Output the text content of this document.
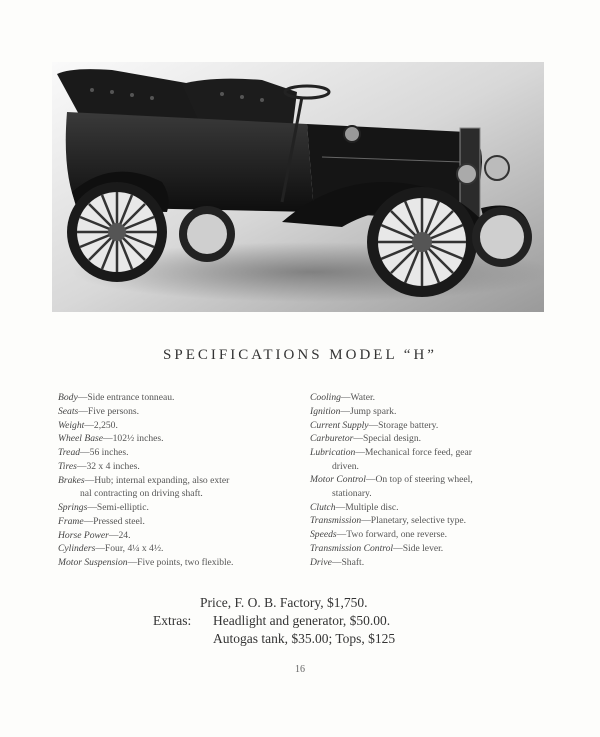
SPECIFICATIONS MODEL “H”
Body—Side entrance tonneau.
Seats—Five persons.
Weight—2,250.
Wheel Base—102½ inches.
Tread—56 inches.
Tires—32 x 4 inches.
Brakes—Hub; internal expanding, also exter
nal contracting on driving shaft.
Springs—Semi-elliptic.
Frame—Pressed steel.
Horse Power—24.
Cylinders—Four, 4¼ x 4½.
Motor Suspension—Five points, two flexible.
Cooling—Water.
Ignition—Jump spark.
Current Supply—Storage battery.
Carburetor—Special design.
Lubrication—Mechanical force feed, gear
driven.
Motor Control—On top of steering wheel,
stationary.
Clutch—Multiple disc.
Transmission—Planetary, selective type.
Speeds—Two forward, one reverse.
Transmission Control—Side lever.
Drive—Shaft.
Price, F. O. B. Factory, $1,750.
Extras: Headlight and generator, $50.00.
Autogas tank, $35.00; Tops, $125
16
